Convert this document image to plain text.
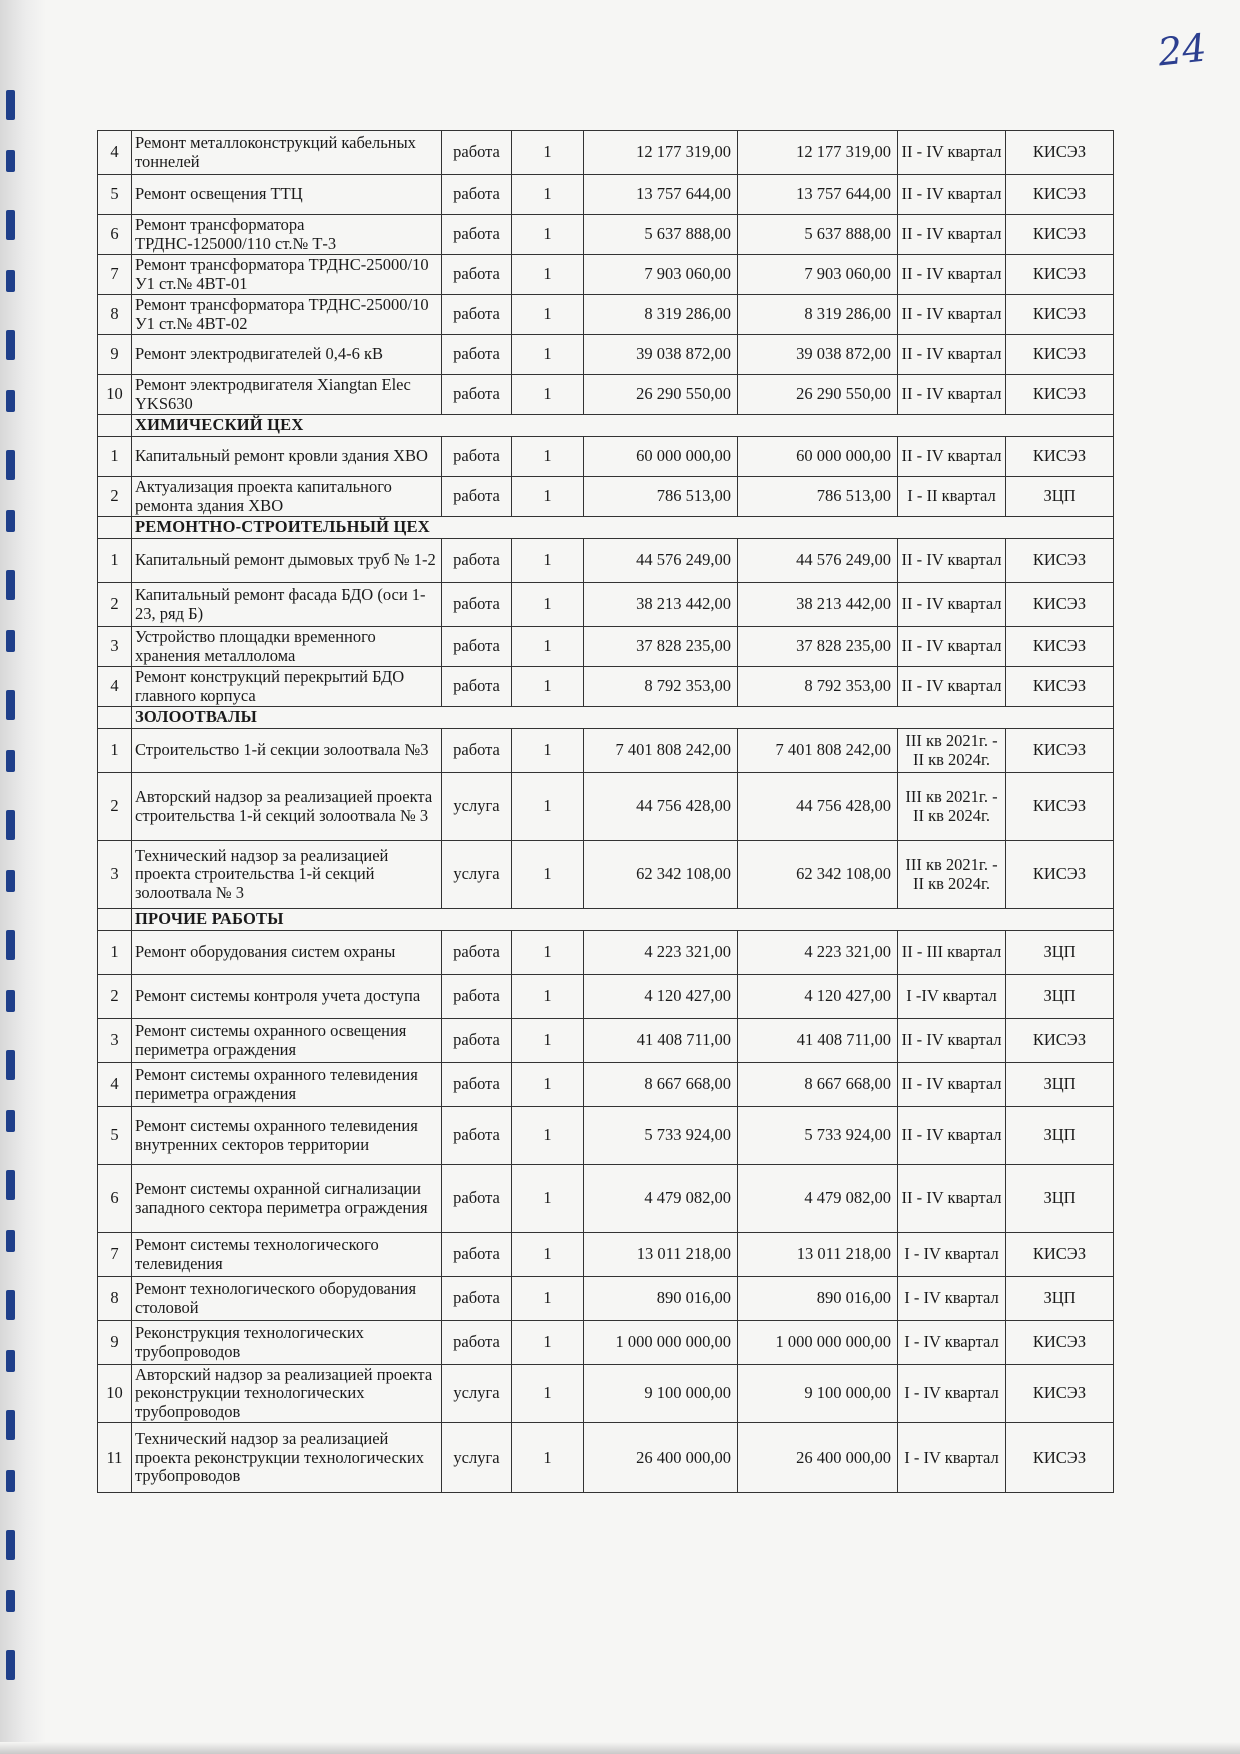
24
4	Ремонт металлоконструкций кабельных тоннелей	работа	1	12 177 319,00	12 177 319,00	II - IV квартал	КИСЭЗ
5	Ремонт освещения ТТЦ	работа	1	13 757 644,00	13 757 644,00	II - IV квартал	КИСЭЗ
6	Ремонт трансформатора ТРДНС-125000/110 ст.№ Т-3	работа	1	5 637 888,00	5 637 888,00	II - IV квартал	КИСЭЗ
7	Ремонт трансформатора ТРДНС-25000/10 У1 ст.№ 4ВТ-01	работа	1	7 903 060,00	7 903 060,00	II - IV квартал	КИСЭЗ
8	Ремонт трансформатора ТРДНС-25000/10 У1 ст.№ 4ВТ-02	работа	1	8 319 286,00	8 319 286,00	II - IV квартал	КИСЭЗ
9	Ремонт электродвигателей 0,4-6 кВ	работа	1	39 038 872,00	39 038 872,00	II - IV квартал	КИСЭЗ
10	Ремонт электродвигателя Xiangtan Elec YKS630	работа	1	26 290 550,00	26 290 550,00	II - IV квартал	КИСЭЗ
	ХИМИЧЕСКИЙ ЦЕХ						
1	Капитальный ремонт кровли здания ХВО	работа	1	60 000 000,00	60 000 000,00	II - IV квартал	КИСЭЗ
2	Актуализация проекта капитального ремонта здания ХВО	работа	1	786 513,00	786 513,00	I - II квартал	ЗЦП
	РЕМОНТНО-СТРОИТЕЛЬНЫЙ ЦЕХ						
1	Капитальный ремонт дымовых труб № 1-2	работа	1	44 576 249,00	44 576 249,00	II - IV квартал	КИСЭЗ
2	Капитальный ремонт фасада БДО (оси 1-23, ряд Б)	работа	1	38 213 442,00	38 213 442,00	II - IV квартал	КИСЭЗ
3	Устройство площадки временного хранения металлолома	работа	1	37 828 235,00	37 828 235,00	II - IV квартал	КИСЭЗ
4	Ремонт конструкций перекрытий БДО главного корпуса	работа	1	8 792 353,00	8 792 353,00	II - IV квартал	КИСЭЗ
	ЗОЛООТВАЛЫ						
1	Строительство 1-й секции золоотвала №3	работа	1	7 401 808 242,00	7 401 808 242,00	III кв 2021г. - II кв 2024г.	КИСЭЗ
2	Авторский надзор за реализацией проекта строительства 1-й секций золоотвала № 3	услуга	1	44 756 428,00	44 756 428,00	III кв 2021г. - II кв 2024г.	КИСЭЗ
3	Технический надзор за реализацией проекта строительства 1-й секций золоотвала № 3	услуга	1	62 342 108,00	62 342 108,00	III кв 2021г. - II кв 2024г.	КИСЭЗ
	ПРОЧИЕ РАБОТЫ						
1	Ремонт оборудования систем охраны	работа	1	4 223 321,00	4 223 321,00	II - III квартал	ЗЦП
2	Ремонт системы контроля учета доступа	работа	1	4 120 427,00	4 120 427,00	I -IV квартал	ЗЦП
3	Ремонт системы охранного освещения периметра ограждения	работа	1	41 408 711,00	41 408 711,00	II - IV квартал	КИСЭЗ
4	Ремонт системы охранного телевидения периметра ограждения	работа	1	8 667 668,00	8 667 668,00	II - IV квартал	ЗЦП
5	Ремонт системы охранного телевидения внутренних секторов территории	работа	1	5 733 924,00	5 733 924,00	II - IV квартал	ЗЦП
6	Ремонт системы охранной сигнализации западного сектора периметра ограждения	работа	1	4 479 082,00	4 479 082,00	II - IV квартал	ЗЦП
7	Ремонт системы технологического телевидения	работа	1	13 011 218,00	13 011 218,00	I - IV квартал	КИСЭЗ
8	Ремонт технологического оборудования столовой	работа	1	890 016,00	890 016,00	I - IV квартал	ЗЦП
9	Реконструкция технологических трубопроводов	работа	1	1 000 000 000,00	1 000 000 000,00	I - IV квартал	КИСЭЗ
10	Авторский надзор за реализацией проекта реконструкции технологических трубопроводов	услуга	1	9 100 000,00	9 100 000,00	I - IV квартал	КИСЭЗ
11	Технический надзор за реализацией проекта реконструкции технологических трубопроводов	услуга	1	26 400 000,00	26 400 000,00	I - IV квартал	КИСЭЗ
